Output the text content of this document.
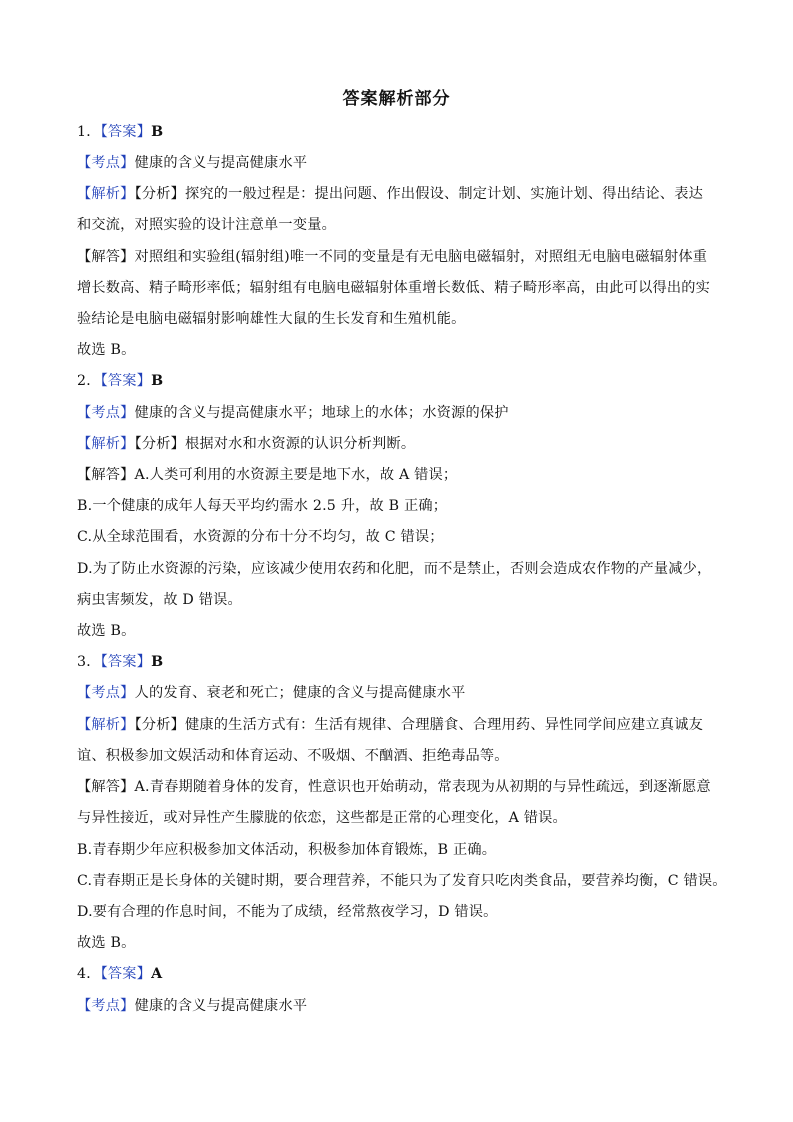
答案解析部分
1．【答案】B
【考点】健康的含义与提高健康水平
【解析】【分析】探究的一般过程是：提出问题、作出假设、制定计划、实施计划、得出结论、表达
和交流，对照实验的设计注意单一变量。
【解答】对照组和实验组(辐射组)唯一不同的变量是有无电脑电磁辐射，对照组无电脑电磁辐射体重
增长数高、精子畸形率低；辐射组有电脑电磁辐射体重增长数低、精子畸形率高，由此可以得出的实
验结论是电脑电磁辐射影响雄性大鼠的生长发育和生殖机能。
故选 B。
2．【答案】B
【考点】健康的含义与提高健康水平；地球上的水体；水资源的保护
【解析】【分析】根据对水和水资源的认识分析判断。
【解答】A.人类可利用的水资源主要是地下水，故 A 错误；
B.一个健康的成年人每天平均约需水 2.5 升，故 B 正确；
C.从全球范围看，水资源的分布十分不均匀，故 C 错误；
D.为了防止水资源的污染，应该减少使用农药和化肥，而不是禁止，否则会造成农作物的产量减少，
病虫害频发，故 D 错误。
故选 B。
3．【答案】B
【考点】人的发育、衰老和死亡；健康的含义与提高健康水平
【解析】【分析】健康的生活方式有：生活有规律、合理膳食、合理用药、异性同学间应建立真诚友
谊、积极参加文娱活动和体育运动、不吸烟、不酗酒、拒绝毒品等。
【解答】A.青春期随着身体的发育，性意识也开始萌动，常表现为从初期的与异性疏远，到逐渐愿意
与异性接近，或对异性产生朦胧的依恋，这些都是正常的心理变化，A 错误。
B.青春期少年应积极参加文体活动，积极参加体育锻炼，B 正确。
C.青春期正是长身体的关键时期，要合理营养，不能只为了发育只吃肉类食品，要营养均衡，C 错误。
D.要有合理的作息时间，不能为了成绩，经常熬夜学习，D 错误。
故选 B。
4．【答案】A
【考点】健康的含义与提高健康水平
